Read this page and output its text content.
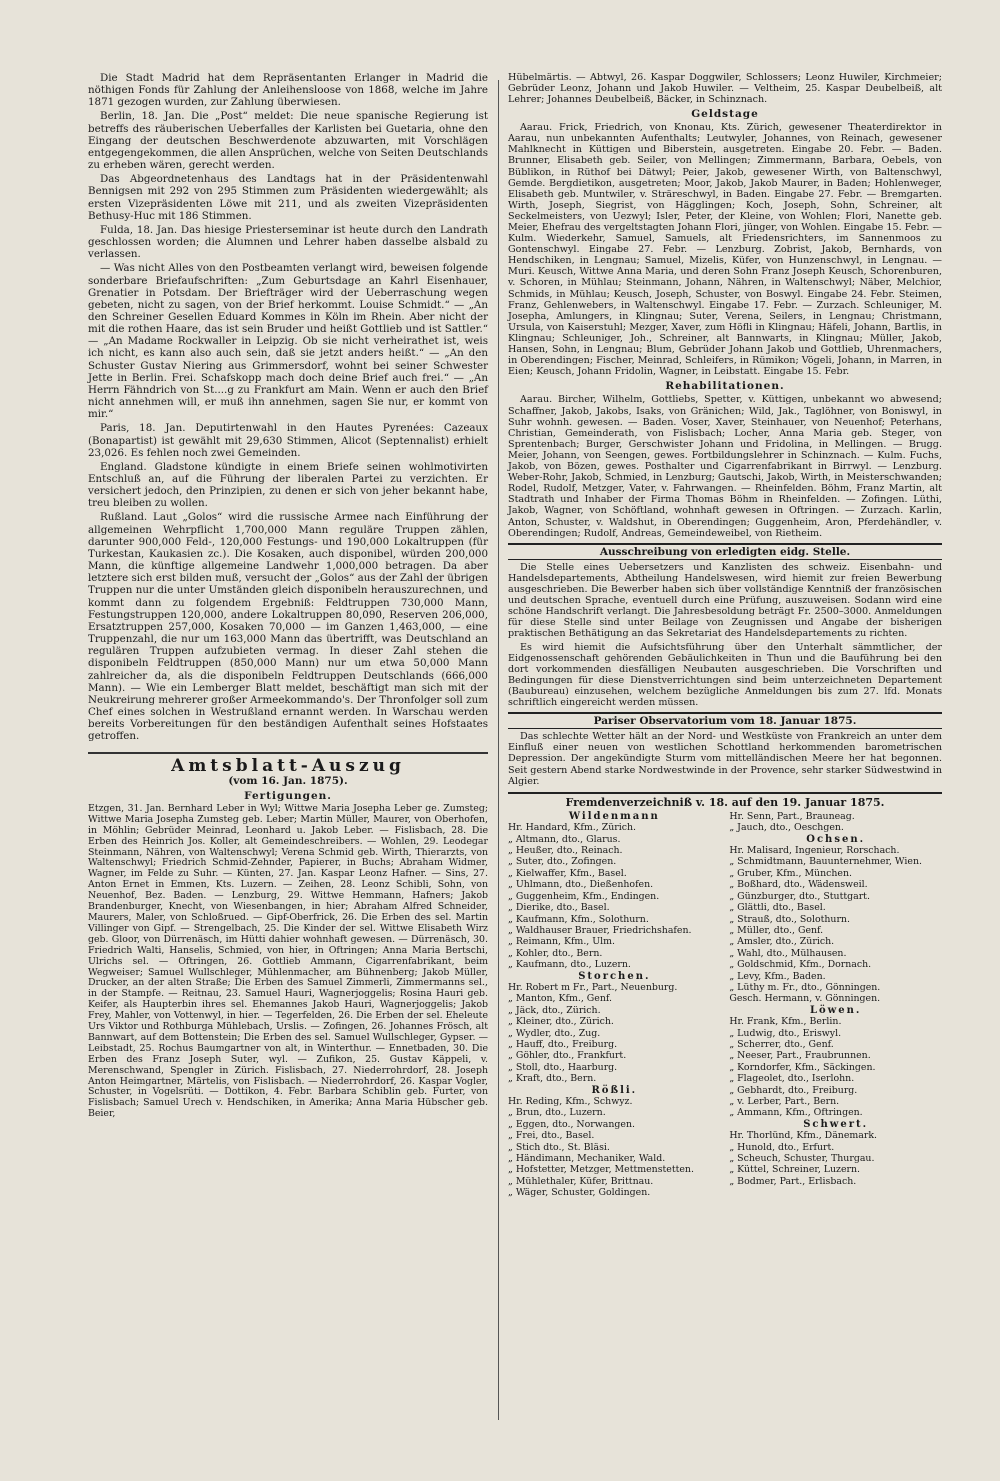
Die Stadt Madrid hat dem Repräsentanten Erlanger in Madrid die nöthigen Fonds für Zahlung der Anleihensloose von 1868, welche im Jahre 1871 gezogen wurden, zur Zahlung überwiesen.

Berlin, 18. Jan. Die „Post“ meldet: Die neue spanische Regierung ist betreffs des räuberischen Ueberfalles der Karlisten bei Guetaria, ohne den Eingang der deutschen Beschwerdenote abzuwarten, mit Vorschlägen entgegengekommen, die allen Ansprüchen, welche von Seiten Deutschlands zu erheben wären, gerecht werden.

Das Abgeordnetenhaus des Landtags hat in der Präsidentenwahl Bennigsen mit 292 von 295 Stimmen zum Präsidenten wiedergewählt; als ersten Vizepräsidenten Löwe mit 211, und als zweiten Vizepräsidenten Bethusy-Huc mit 186 Stimmen.

Fulda, 18. Jan. Das hiesige Priesterseminar ist heute durch den Landrath geschlossen worden; die Alumnen und Lehrer haben dasselbe alsbald zu verlassen.

— Was nicht Alles von den Postbeamten verlangt wird, beweisen folgende sonderbare Briefaufschriften: „Zum Geburtsdage an Kahrl Eisenhauer, Grenatier in Potsdam. Der Briefträger wird der Ueberraschung wegen gebeten, nicht zu sagen, von der Brief herkommt. Louise Schmidt.“ — „An den Schreiner Gesellen Eduard Kommes in Köln im Rhein. Aber nicht der mit die rothen Haare, das ist sein Bruder und heißt Gottlieb und ist Sattler.“ — „An Madame Rockwaller in Leipzig. Ob sie nicht verheirathet ist, weis ich nicht, es kann also auch sein, daß sie jetzt anders heißt.“ — „An den Schuster Gustav Niering aus Grimmersdorf, wohnt bei seiner Schwester Jette in Berlin. Frei. Schafskopp mach doch deine Brief auch frei.“ — „An Herrn Fähndrich von St....g zu Frankfurt am Main. Wenn er auch den Brief nicht annehmen will, er muß ihn annehmen, sagen Sie nur, er kommt von mir.“

Paris, 18. Jan. Deputirtenwahl in den Hautes Pyrenées: Cazeaux (Bonapartist) ist gewählt mit 29,630 Stimmen, Alicot (Septennalist) erhielt 23,026. Es fehlen noch zwei Gemeinden.

England. Gladstone kündigte in einem Briefe seinen wohlmotivirten Entschluß an, auf die Führung der liberalen Partei zu verzichten. Er versichert jedoch, den Prinzipien, zu denen er sich von jeher bekannt habe, treu bleiben zu wollen.

Rußland. Laut „Golos“ wird die russische Armee nach Einführung der allgemeinen Wehrpflicht 1,700,000 Mann reguläre Truppen zählen, darunter 900,000 Feld-, 120,000 Festungs- und 190,000 Lokaltruppen (für Turkestan, Kaukasien zc.). Die Kosaken, auch disponibel, würden 200,000 Mann, die künftige allgemeine Landwehr 1,000,000 betragen. Da aber letztere sich erst bilden muß, versucht der „Golos“ aus der Zahl der übrigen Truppen nur die unter Umständen gleich disponibeln herauszurechnen, und kommt dann zu folgendem Ergebniß: Feldtruppen 730,000 Mann, Festungstruppen 120,000, andere Lokaltruppen 80,090, Reserven 206,000, Ersatztruppen 257,000, Kosaken 70,000 — im Ganzen 1,463,000, — eine Truppenzahl, die nur um 163,000 Mann das übertrifft, was Deutschland an regulären Truppen aufzubieten vermag. In dieser Zahl stehen die disponibeln Feldtruppen (850,000 Mann) nur um etwa 50,000 Mann zahlreicher da, als die disponibeln Feldtruppen Deutschlands (666,000 Mann). — Wie ein Lemberger Blatt meldet, beschäftigt man sich mit der Neukreirung mehrerer großer Armeekommando's. Der Thronfolger soll zum Chef eines solchen in Westrußland ernannt werden. In Warschau werden bereits Vorbereitungen für den beständigen Aufenthalt seines Hofstaates getroffen.

Amtsblatt-Auszug
(vom 16. Jan. 1875).
Fertigungen.

Etzgen, 31. Jan. Bernhard Leber in Wyl; Wittwe Maria Josepha Leber ge. Zumsteg; Wittwe Maria Josepha Zumsteg geb. Leber; Martin Müller, Maurer, von Oberhofen, in Möhlin; Gebrüder Meinrad, Leonhard u. Jakob Leber. — Fislisbach, 28. Die Erben des Heinrich Jos. Koller, alt Gemeindeschreibers. — Wohlen, 29. Leodegar Steinmann, Nähren, von Waltenschwyl; Verena Schmid geb. Wirth, Thierarzts, von Waltenschwyl; Friedrich Schmid-Zehnder, Papierer, in Buchs; Abraham Widmer, Wagner, im Felde zu Suhr. — Künten, 27. Jan. Kaspar Leonz Hafner. — Sins, 27. Anton Ernet in Emmen, Kts. Luzern. — Zeihen, 28. Leonz Schibli, Sohn, von Neuenhof, Bez. Baden. — Lenzburg, 29. Wittwe Hemmann, Hafners; Jakob Brandenburger, Knecht, von Wiesenbangen, in hier; Abraham Alfred Schneider, Maurers, Maler, von Schloßrued. — Gipf-Oberfrick, 26. Die Erben des sel. Martin Villinger von Gipf. — Strengelbach, 25. Die Kinder der sel. Wittwe Elisabeth Wirz geb. Gloor, von Dürrenäsch, im Hütti dahier wohnhaft gewesen. — Dürrenäsch, 30. Friedrich Walti, Hanselis, Schmied, von hier, in Oftringen; Anna Maria Bertschi, Ulrichs sel. — Oftringen, 26. Gottlieb Ammann, Cigarrenfabrikant, beim Wegweiser; Samuel Wullschleger, Mühlenmacher, am Bühnenberg; Jakob Müller, Drucker, an der alten Straße; Die Erben des Samuel Zimmerli, Zimmermanns sel., in der Stampfe. — Reitnau, 23. Samuel Hauri, Wagnerjoggelis; Rosina Hauri geb. Keifer, als Haupterbin ihres sel. Ehemannes Jakob Hauri, Wagnerjoggelis; Jakob Frey, Mahler, von Vottenwyl, in hier. — Tegerfelden, 26. Die Erben der sel. Eheleute Urs Viktor und Rothburga Mühlebach, Urslis. — Zofingen, 26. Johannes Frösch, alt Bannwart, auf dem Bottenstein; Die Erben des sel. Samuel Wullschleger, Gypser. — Leibstadt, 25. Rochus Baumgartner von alt, in Winterthur. — Ennetbaden, 30. Die Erben des Franz Joseph Suter, wyl. — Zufikon, 25. Gustav Käppeli, v. Merenschwand, Spengler in Zürich. Fislisbach, 27. Niederrohrdorf, 28. Joseph Anton Heimgartner, Märtelis, von Fislisbach. — Niederrohrdorf, 26. Kaspar Vogler, Schuster, in Vogelsrüti. — Dottikon, 4. Febr. Barbara Schiblin geb. Furter, von Fislisbach; Samuel Urech v. Hendschiken, in Amerika; Anna Maria Hübscher geb. Beier,

Hübelmärtis. — Abtwyl, 26. Kaspar Doggwiler, Schlossers; Leonz Huwiler, Kirchmeier; Gebrüder Leonz, Johann und Jakob Huwiler. — Veltheim, 25. Kaspar Deubelbeiß, alt Lehrer; Johannes Deubelbeiß, Bäcker, in Schinznach.

Geldstage

Aarau. Frick, Friedrich, von Knonau, Kts. Zürich, gewesener Theaterdirektor in Aarau, nun unbekannten Aufenthalts; Leutwyler, Johannes, von Reinach, gewesener Mahlknecht in Küttigen und Biberstein, ausgetreten. Eingabe 20. Febr. — Baden. Brunner, Elisabeth geb. Seiler, von Mellingen; Zimmermann, Barbara, Oebels, von Büblikon, in Rüthof bei Dätwyl; Peier, Jakob, gewesener Wirth, von Baltenschwyl, Gemde. Bergdietikon, ausgetreten; Moor, Jakob, Jakob Maurer, in Baden; Hohlenweger, Elisabeth geb. Muntwiler, v. Sträreschwyl, in Baden. Eingabe 27. Febr. — Bremgarten. Wirth, Joseph, Siegrist, von Hägglingen; Koch, Joseph, Sohn, Schreiner, alt Seckelmeisters, von Uezwyl; Isler, Peter, der Kleine, von Wohlen; Flori, Nanette geb. Meier, Ehefrau des vergeltstagten Johann Flori, jünger, von Wohlen. Eingabe 15. Febr. — Kulm. Wiederkehr, Samuel, Samuels, alt Friedensrichters, im Sannenmoos zu Gontenschwyl. Eingabe 27. Febr. — Lenzburg. Zobrist, Jakob, Bernhards, von Hendschiken, in Lengnau; Samuel, Mizelis, Küfer, von Hunzenschwyl, in Lengnau. — Muri. Keusch, Wittwe Anna Maria, und deren Sohn Franz Joseph Keusch, Schorenburen, v. Schoren, in Mühlau; Steinmann, Johann, Nähren, in Waltenschwyl; Näber, Melchior, Schmids, in Mühlau; Keusch, Joseph, Schuster, von Boswyl. Eingabe 24. Febr. Steimen, Franz, Gehlenwebers, in Waltenschwyl. Eingabe 17. Febr. — Zurzach. Schleuniger, M. Josepha, Amlungers, in Klingnau; Suter, Verena, Seilers, in Lengnau; Christmann, Ursula, von Kaiserstuhl; Mezger, Xaver, zum Höfli in Klingnau; Häfeli, Johann, Bartlis, in Klingnau; Schleuniger, Joh., Schreiner, alt Bannwarts, in Klingnau; Müller, Jakob, Hansen, Sohn, in Lengnau; Blum, Gebrüder Johann Jakob und Gottlieb, Uhrenmachers, in Oberendingen; Fischer, Meinrad, Schleifers, in Rümikon; Vögeli, Johann, in Marren, in Eien; Keusch, Johann Fridolin, Wagner, in Leibstatt. Eingabe 15. Febr.

Rehabilitationen.

Aarau. Bircher, Wilhelm, Gottliebs, Spetter, v. Küttigen, unbekannt wo abwesend; Schaffner, Jakob, Jakobs, Isaks, von Gränichen; Wild, Jak., Taglöhner, von Boniswyl, in Suhr wohnh. gewesen. — Baden. Voser, Xaver, Steinhauer, von Neuenhof; Peterhans, Christian, Gemeinderath, von Fislisbach; Locher, Anna Maria geb. Steger, von Sprentenbach; Burger, Gerschwister Johann und Fridolina, in Mellingen. — Brugg. Meier, Johann, von Seengen, gewes. Fortbildungslehrer in Schinznach. — Kulm. Fuchs, Jakob, von Bözen, gewes. Posthalter und Cigarrenfabrikant in Birrwyl. — Lenzburg. Weber-Rohr, Jakob, Schmied, in Lenzburg; Gautschi, Jakob, Wirth, in Meisterschwanden; Rodel, Rudolf, Metzger, Vater, v. Fahrwangen. — Rheinfelden. Böhm, Franz Martin, alt Stadtrath und Inhaber der Firma Thomas Böhm in Rheinfelden. — Zofingen. Lüthi, Jakob, Wagner, von Schöftland, wohnhaft gewesen in Oftringen. — Zurzach. Karlin, Anton, Schuster, v. Waldshut, in Oberendingen; Guggenheim, Aron, Pferdehändler, v. Oberendingen; Rudolf, Andreas, Gemeindeweibel, von Rietheim.

Ausschreibung von erledigten eidg. Stelle.

Die Stelle eines Uebersetzers und Kanzlisten des schweiz. Eisenbahn- und Handelsdepartements, Abtheilung Handelswesen, wird hiemit zur freien Bewerbung ausgeschrieben. Die Bewerber haben sich über vollständige Kenntniß der französischen und deutschen Sprache, eventuell durch eine Prüfung, auszuweisen. Sodann wird eine schöne Handschrift verlangt. Die Jahresbesoldung beträgt Fr. 2500–3000. Anmeldungen für diese Stelle sind unter Beilage von Zeugnissen und Angabe der bisherigen praktischen Bethätigung an das Sekretariat des Handelsdepartements zu richten.

Es wird hiemit die Aufsichtsführung über den Unterhalt sämmtlicher, der Eidgenossenschaft gehörenden Gebäulichkeiten in Thun und die Bauführung bei den dort vorkommenden diesfälligen Neubauten ausgeschrieben. Die Vorschriften und Bedingungen für diese Dienstverrichtungen sind beim unterzeichneten Departement (Baubureau) einzusehen, welchem bezügliche Anmeldungen bis zum 27. lfd. Monats schriftlich eingereicht werden müssen.

Pariser Observatorium vom 18. Januar 1875.

Das schlechte Wetter hält an der Nord- und Westküste von Frankreich an unter dem Einfluß einer neuen von westlichen Schottland herkommenden barometrischen Depression. Der angekündigte Sturm vom mittelländischen Meere her hat begonnen. Seit gestern Abend starke Nordwestwinde in der Provence, sehr starker Südwestwind in Algier.

Fremdenverzeichniß v. 18. auf den 19. Januar 1875.
Wildenmann
Hr. Handard, Kfm., Zürich.
„ Altmann, dto., Glarus.
„ Heußer, dto., Reinach.
„ Suter, dto., Zofingen.
„ Kielwaffer, Kfm., Basel.
„ Uhlmann, dto., Dießenhofen.
„ Guggenheim, Kfm., Endingen.
„ Dierike, dto., Basel.
„ Kaufmann, Kfm., Solothurn.
„ Waldhauser Brauer, Friedrichshafen.
„ Reimann, Kfm., Ulm.
„ Kohler, dto., Bern.
„ Kaufmann, dto., Luzern.
Storchen.
Hr. Robert m Fr., Part., Neuenburg.
„ Manton, Kfm., Genf.
„ Jäck, dto., Zürich.
„ Kleiner, dto., Zürich.
„ Wydler, dto., Zug.
„ Hauff, dto., Freiburg.
„ Göhler, dto., Frankfurt.
„ Stoll, dto., Haarburg.
„ Kraft, dto., Bern.
Rößli.
Hr. Reding, Kfm., Schwyz.
„ Brun, dto., Luzern.
„ Eggen, dto., Norwangen.
„ Frei, dto., Basel.
„ Stich dto., St. Bläsi.
„ Händimann, Mechaniker, Wald.
„ Hofstetter, Metzger, Mettmenstetten.
„ Mühlethaler, Küfer, Brittnau.
„ Wäger, Schuster, Goldingen.
Hr. Senn, Part., Brauneag.
„ Jauch, dto., Oeschgen.
Ochsen.
Hr. Malisard, Ingenieur, Rorschach.
„ Schmidtmann, Bauunternehmer, Wien.
„ Gruber, Kfm., München.
„ Boßhard, dto., Wädensweil.
„ Günzburger, dto., Stuttgart.
„ Glättli, dto., Basel.
„ Strauß, dto., Solothurn.
„ Müller, dto., Genf.
„ Amsler, dto., Zürich.
„ Wahl, dto., Mülhausen.
„ Goldschmid, Kfm., Dornach.
„ Levy, Kfm., Baden.
„ Lüthy m. Fr., dto., Gönningen.
Gesch. Hermann, v. Gönningen.
Löwen.
Hr. Frank, Kfm., Berlin.
„ Ludwig, dto., Eriswyl.
„ Scherrer, dto., Genf.
„ Neeser, Part., Fraubrunnen.
„ Korndorfer, Kfm., Säckingen.
„ Flageolet, dto., Iserlohn.
„ Gebhardt, dto., Freiburg.
„ v. Lerber, Part., Bern.
„ Ammann, Kfm., Oftringen.
Schwert.
Hr. Thorlünd, Kfm., Dänemark.
„ Hunold, dto., Erfurt.
„ Scheuch, Schuster, Thurgau.
„ Küttel, Schreiner, Luzern.
„ Bodmer, Part., Erlisbach.
